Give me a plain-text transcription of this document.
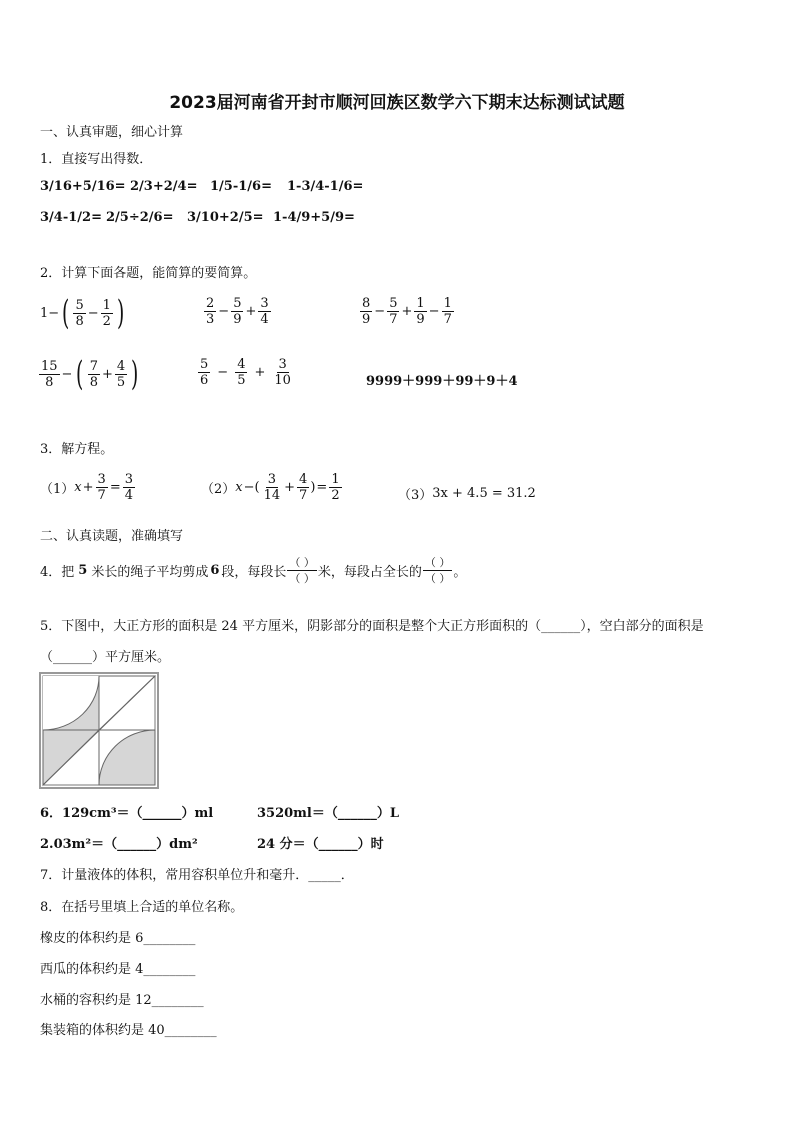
2023届河南省开封市顺河回族区数学六下期末达标测试试题
一、认真审题，细心计算
1．直接写出得数．
3/16+5/16= 2/3+2/4= 1/5-1/6= 1-3/4-1/6=
3/4-1/2= 2/5÷2/6= 3/10+2/5= 1-4/9+5/9=
2．计算下面各题，能简算的要简算。
1− ( $\frac{5}{8} - \frac{1}{2}$ )	$\frac{2}{3} - \frac{5}{9} + \frac{3}{4}$	$\frac{8}{9} - \frac{5}{7} + \frac{1}{9} - \frac{1}{7}$
$\frac{15}{8}$ − ( $\frac{7}{8} + \frac{4}{5}$ )	$\frac{5}{6} - \frac{4}{5} + \frac{3}{10}$	9999＋999＋99＋9＋4
3．解方程。
（1） $x + \frac{3}{7} = \frac{3}{4}$	（2） x −( $\frac{3}{14} + \frac{4}{7}$ ) = $\frac{1}{2}$	（3） 3x + 4.5 = 31.2
二、认真读题，准确填写
4．把 5 米长的绳子平均剪成 6 段，每段长 $\frac{( )}{( )}$ 米，每段占全长的 $\frac{( )}{( )}$ 。
5．下图中，大正方形的面积是 24 平方厘米，阴影部分的面积是整个大正方形面积的（______），空白部分的面积是
（______）平方厘米。
6．129cm³＝（______）ml	3520ml＝（______）L
2.03m²＝（______）dm²	24 分＝（______）时
7．计量液体的体积，常用容积单位升和毫升．_____．
8．在括号里填上合适的单位名称。
橡皮的体积约是 6________
西瓜的体积约是 4________
水桶的容积约是 12________
集装箱的体积约是 40________
